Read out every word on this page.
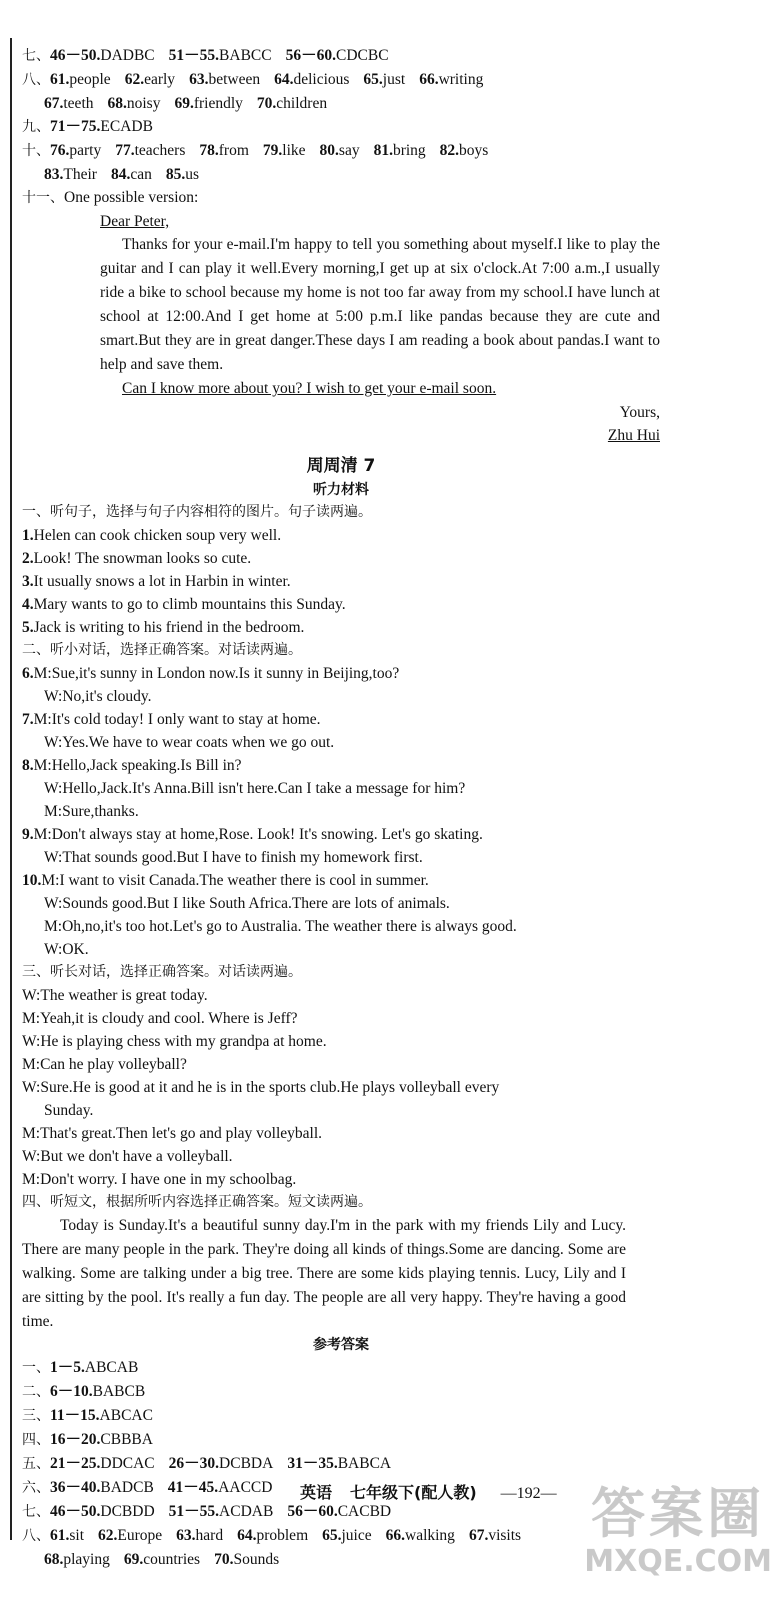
七、46－50.DADBC 51－55.BABCC 56－60.CDCBC
八、61.people 62.early 63.between 64.delicious 65.just 66.writing
67.teeth 68.noisy 69.friendly 70.children
九、71－75.ECADB
十、76.party 77.teachers 78.from 79.like 80.say 81.bring 82.boys
83.Their 84.can 85.us
十一、One possible version:
Dear Peter,
Thanks for your e-mail.I'm happy to tell you something about myself.I like to play the guitar and I can play it well.Every morning,I get up at six o'clock.At 7:00 a.m.,I usually ride a bike to school because my home is not too far away from my school.I have lunch at school at 12:00.And I get home at 5:00 p.m.I like pandas because they are cute and smart.But they are in great danger.These days I am reading a book about pandas.I want to help and save them.
Can I know more about you? I wish to get your e-mail soon.
Yours,
Zhu Hui
周周清 7
听力材料
一、听句子，选择与句子内容相符的图片。句子读两遍。
1.Helen can cook chicken soup very well.
2.Look! The snowman looks so cute.
3.It usually snows a lot in Harbin in winter.
4.Mary wants to go to climb mountains this Sunday.
5.Jack is writing to his friend in the bedroom.
二、听小对话，选择正确答案。对话读两遍。
6.M:Sue,it's sunny in London now.Is it sunny in Beijing,too?
W:No,it's cloudy.
7.M:It's cold today! I only want to stay at home.
W:Yes.We have to wear coats when we go out.
8.M:Hello,Jack speaking.Is Bill in?
W:Hello,Jack.It's Anna.Bill isn't here.Can I take a message for him?
M:Sure,thanks.
9.M:Don't always stay at home,Rose. Look! It's snowing. Let's go skating.
W:That sounds good.But I have to finish my homework first.
10.M:I want to visit Canada.The weather there is cool in summer.
W:Sounds good.But I like South Africa.There are lots of animals.
M:Oh,no,it's too hot.Let's go to Australia. The weather there is always good.
W:OK.
三、听长对话，选择正确答案。对话读两遍。
W:The weather is great today.
M:Yeah,it is cloudy and cool. Where is Jeff?
W:He is playing chess with my grandpa at home.
M:Can he play volleyball?
W:Sure.He is good at it and he is in the sports club.He plays volleyball every
Sunday.
M:That's great.Then let's go and play volleyball.
W:But we don't have a volleyball.
M:Don't worry. I have one in my schoolbag.
四、听短文，根据所听内容选择正确答案。短文读两遍。
Today is Sunday.It's a beautiful sunny day.I'm in the park with my friends Lily and Lucy. There are many people in the park. They're doing all kinds of things.Some are dancing. Some are walking. Some are talking under a big tree. There are some kids playing tennis. Lucy, Lily and I are sitting by the pool. It's really a fun day. The people are all very happy. They're having a good time.
参考答案
一、1－5.ABCAB
二、6－10.BABCB
三、11－15.ABCAC
四、16－20.CBBBA
五、21－25.DDCAC 26－30.DCBDA 31－35.BABCA
六、36－40.BADCB 41－45.AACCD
七、46－50.DCBDD 51－55.ACDAB 56－60.CACBD
八、61.sit 62.Europe 63.hard 64.problem 65.juice 66.walking 67.visits
68.playing 69.countries 70.Sounds
英语 七年级下(配人教) —192— 答案圈
MXQE.COM
